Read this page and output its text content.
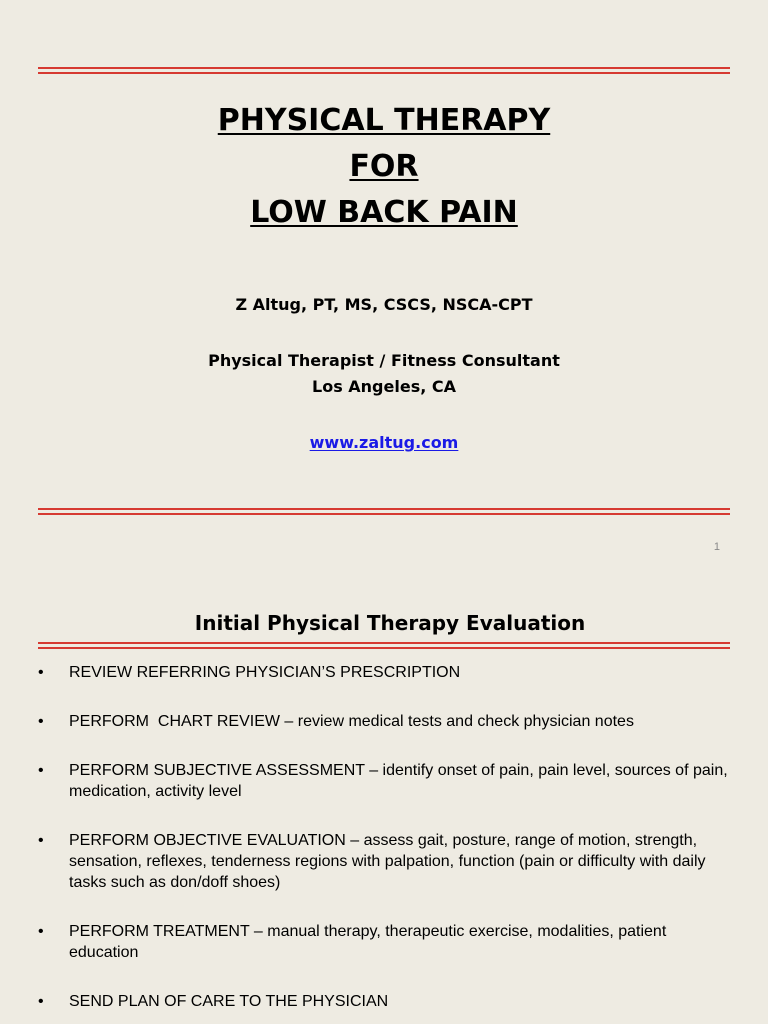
PHYSICAL THERAPY
FOR
LOW BACK PAIN
Z Altug, PT, MS, CSCS, NSCA-CPT
Physical Therapist / Fitness Consultant
Los Angeles, CA
www.zaltug.com
1
Initial Physical Therapy Evaluation
• REVIEW REFERRING PHYSICIAN’S PRESCRIPTION
• PERFORM  CHART REVIEW – review medical tests and check physician notes
• PERFORM SUBJECTIVE ASSESSMENT – identify onset of pain, pain level, sources of pain, medication, activity level
• PERFORM OBJECTIVE EVALUATION – assess gait, posture, range of motion, strength, sensation, reflexes, tenderness regions with palpation, function (pain or difficulty with daily tasks such as don/doff shoes)
• PERFORM TREATMENT – manual therapy, therapeutic exercise, modalities, patient education
• SEND PLAN OF CARE TO THE PHYSICIAN
